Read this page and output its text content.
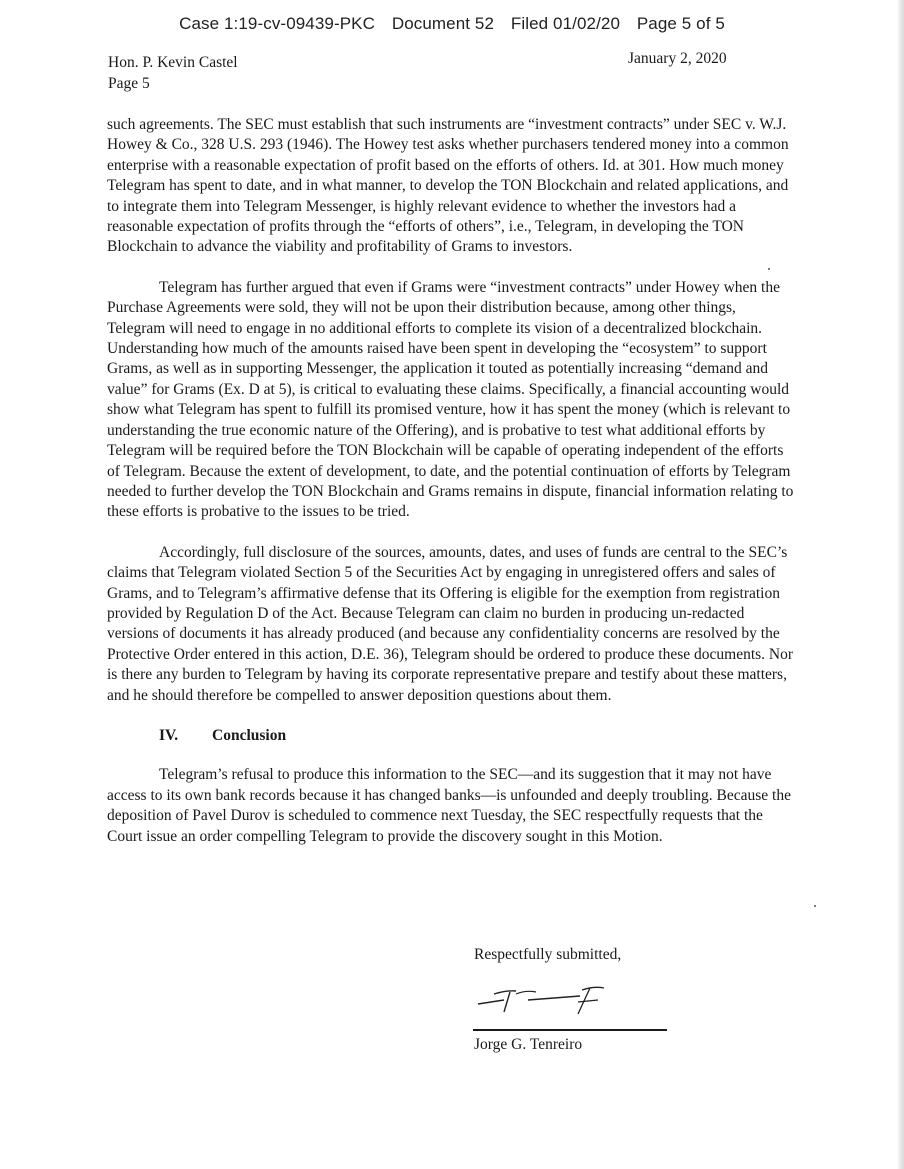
Case 1:19-cv-09439-PKC Document 52 Filed 01/02/20 Page 5 of 5
Hon. P. Kevin Castel
Page 5
January 2, 2020

such agreements. The SEC must establish that such instruments are “investment contracts” under SEC v. W.J. Howey & Co., 328 U.S. 293 (1946). The Howey test asks whether purchasers tendered money into a common enterprise with a reasonable expectation of profit based on the efforts of others. Id. at 301. How much money Telegram has spent to date, and in what manner, to develop the TON Blockchain and related applications, and to integrate them into Telegram Messenger, is highly relevant evidence to whether the investors had a reasonable expectation of profits through the “efforts of others”, i.e., Telegram, in developing the TON Blockchain to advance the viability and profitability of Grams to investors.

Telegram has further argued that even if Grams were “investment contracts” under Howey when the Purchase Agreements were sold, they will not be upon their distribution because, among other things, Telegram will need to engage in no additional efforts to complete its vision of a decentralized blockchain. Understanding how much of the amounts raised have been spent in developing the “ecosystem” to support Grams, as well as in supporting Messenger, the application it touted as potentially increasing “demand and value” for Grams (Ex. D at 5), is critical to evaluating these claims. Specifically, a financial accounting would show what Telegram has spent to fulfill its promised venture, how it has spent the money (which is relevant to understanding the true economic nature of the Offering), and is probative to test what additional efforts by Telegram will be required before the TON Blockchain will be capable of operating independent of the efforts of Telegram. Because the extent of development, to date, and the potential continuation of efforts by Telegram needed to further develop the TON Blockchain and Grams remains in dispute, financial information relating to these efforts is probative to the issues to be tried.

Accordingly, full disclosure of the sources, amounts, dates, and uses of funds are central to the SEC’s claims that Telegram violated Section 5 of the Securities Act by engaging in unregistered offers and sales of Grams, and to Telegram’s affirmative defense that its Offering is eligible for the exemption from registration provided by Regulation D of the Act. Because Telegram can claim no burden in producing un-redacted versions of documents it has already produced (and because any confidentiality concerns are resolved by the Protective Order entered in this action, D.E. 36), Telegram should be ordered to produce these documents. Nor is there any burden to Telegram by having its corporate representative prepare and testify about these matters, and he should therefore be compelled to answer deposition questions about them.

IV. Conclusion

Telegram’s refusal to produce this information to the SEC—and its suggestion that it may not have access to its own bank records because it has changed banks—is unfounded and deeply troubling. Because the deposition of Pavel Durov is scheduled to commence next Tuesday, the SEC respectfully requests that the Court issue an order compelling Telegram to provide the discovery sought in this Motion.

Respectfully submitted,
Jorge G. Tenreiro
